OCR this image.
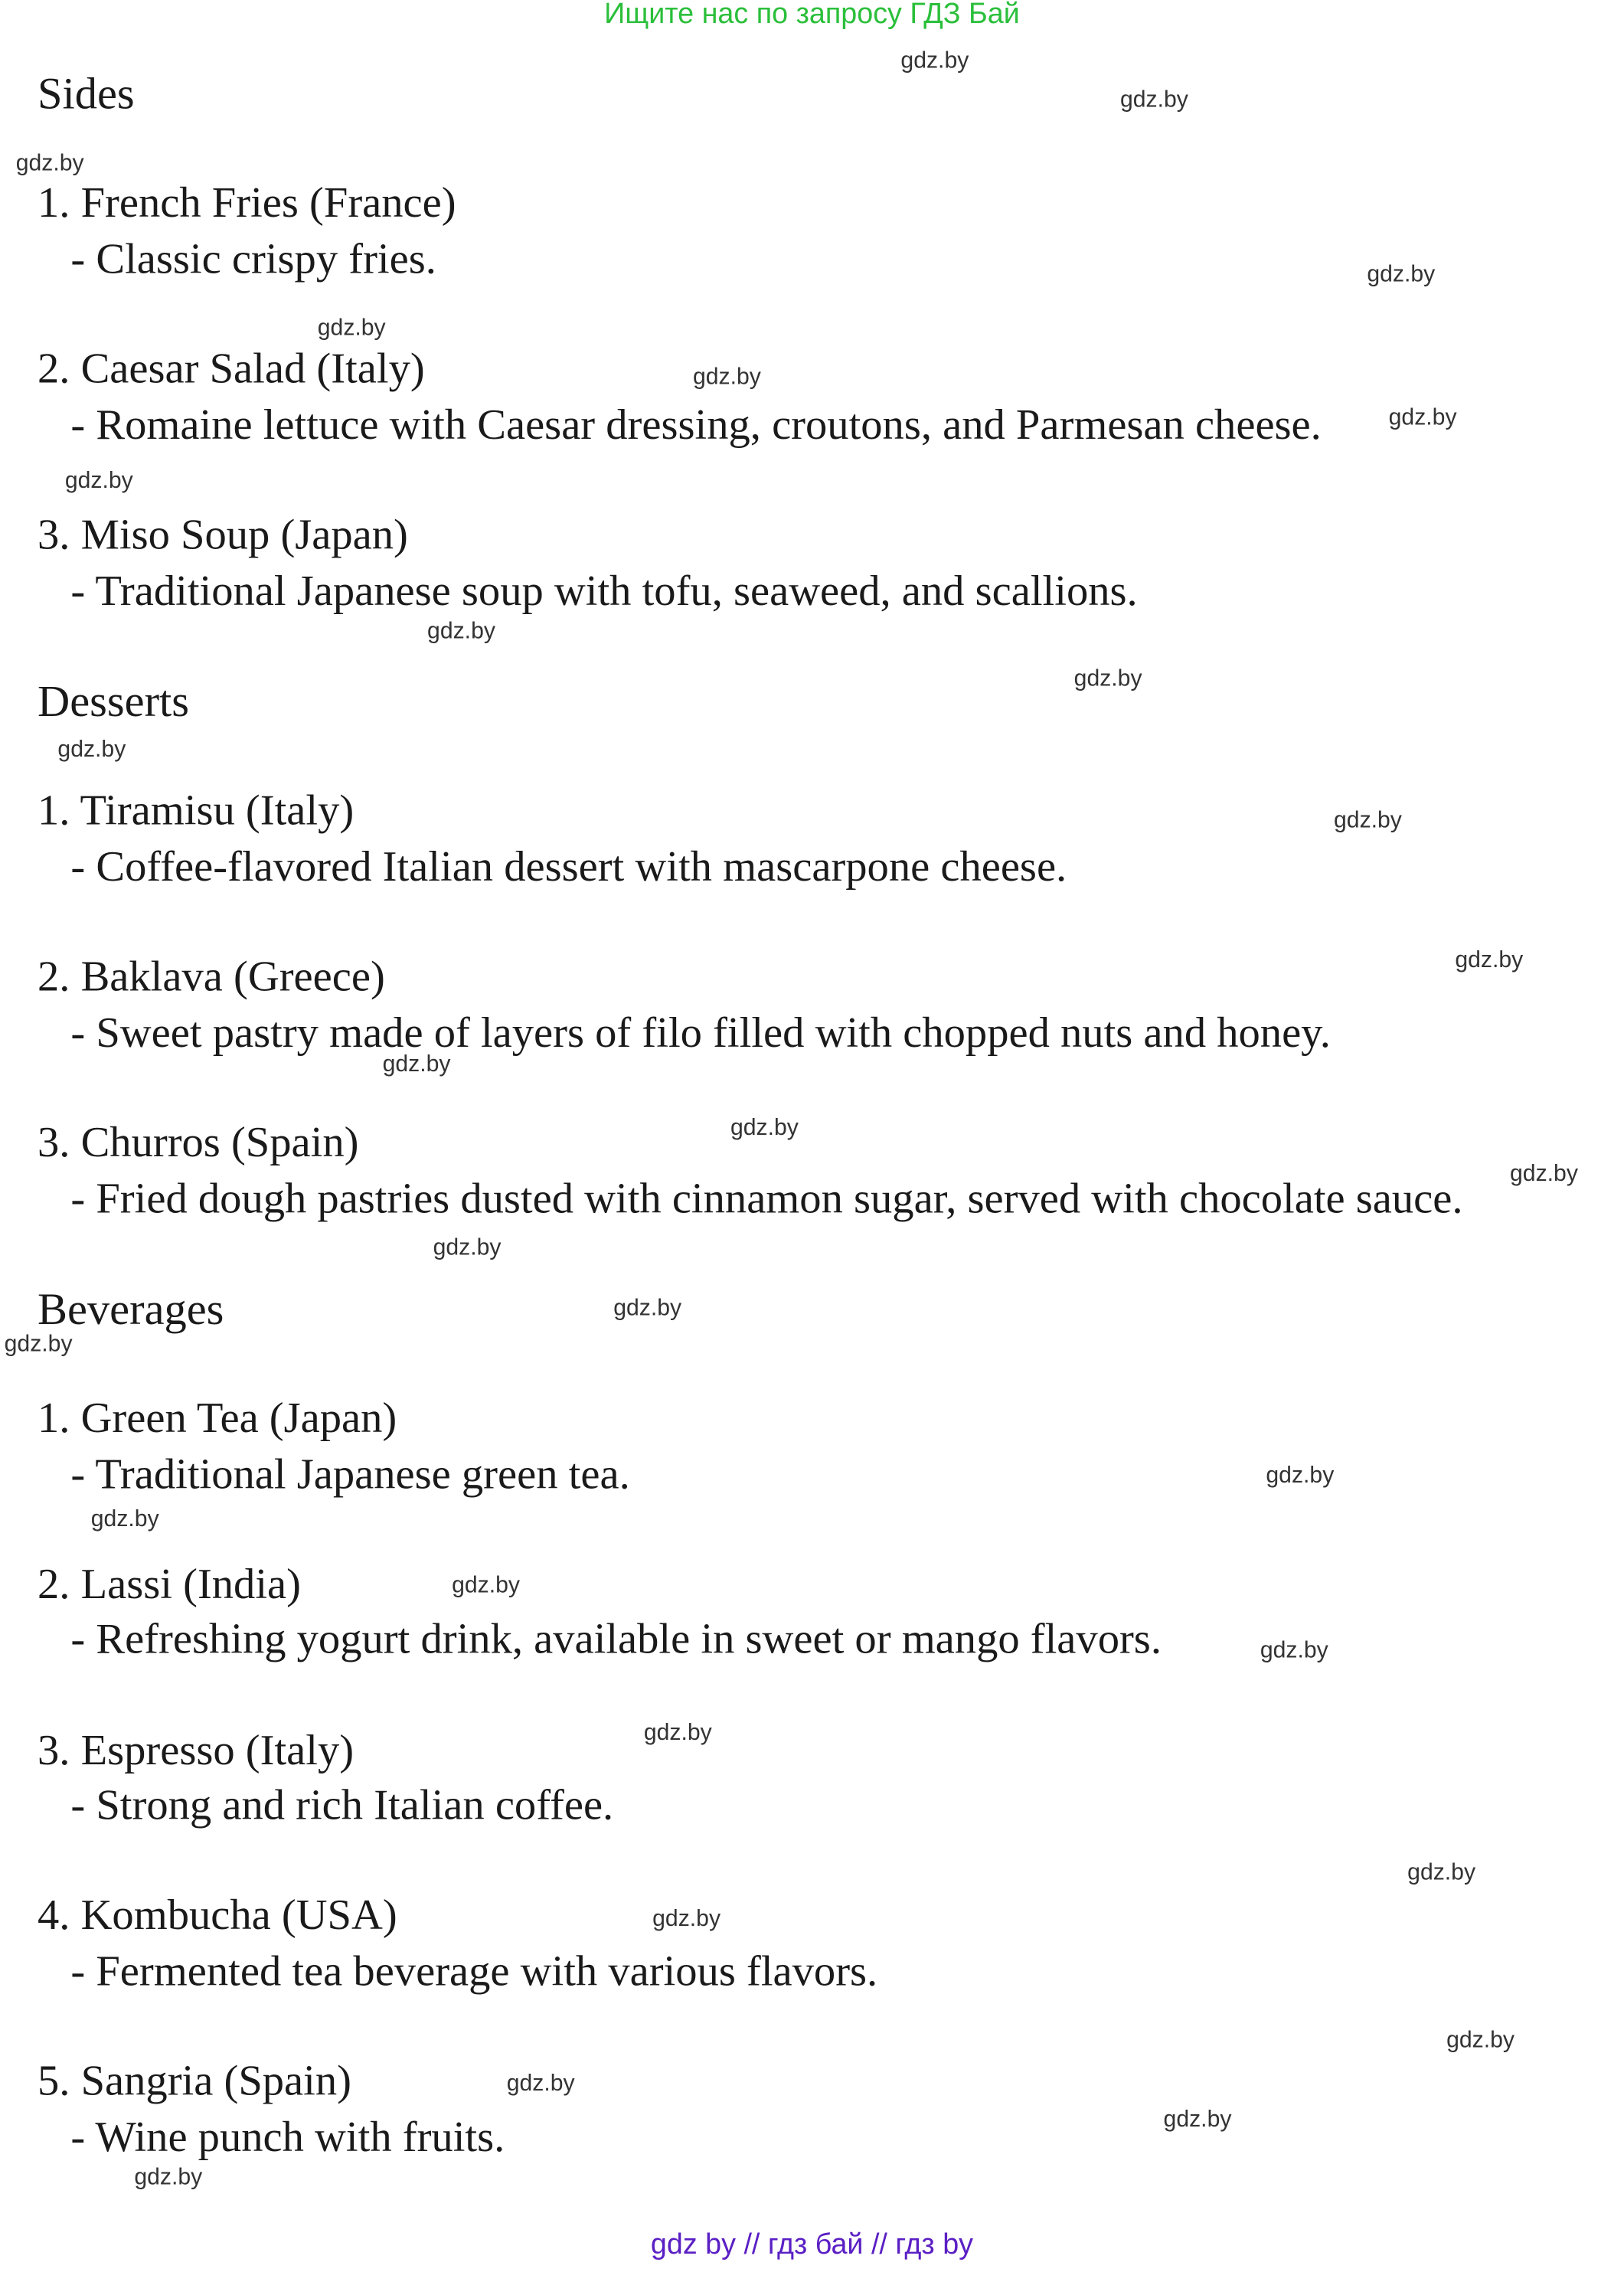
Ищите нас по запросу ГДЗ Бай
Sides
1. French Fries (France)
- Classic crispy fries.
2. Caesar Salad (Italy)
- Romaine lettuce with Caesar dressing, croutons, and Parmesan cheese.
3. Miso Soup (Japan)
- Traditional Japanese soup with tofu, seaweed, and scallions.
Desserts
1. Tiramisu (Italy)
- Coffee-flavored Italian dessert with mascarpone cheese.
2. Baklava (Greece)
- Sweet pastry made of layers of filo filled with chopped nuts and honey.
3. Churros (Spain)
- Fried dough pastries dusted with cinnamon sugar, served with chocolate sauce.
Beverages
1. Green Tea (Japan)
- Traditional Japanese green tea.
2. Lassi (India)
- Refreshing yogurt drink, available in sweet or mango flavors.
3. Espresso (Italy)
- Strong and rich Italian coffee.
4. Kombucha (USA)
- Fermented tea beverage with various flavors.
5. Sangria (Spain)
- Wine punch with fruits.
gdz.by
gdz.by
gdz.by
gdz.by
gdz.by
gdz.by
gdz.by
gdz.by
gdz.by
gdz.by
gdz.by
gdz.by
gdz.by
gdz.by
gdz.by
gdz.by
gdz.by
gdz.by
gdz.by
gdz.by
gdz.by
gdz.by
gdz.by
gdz.by
gdz.by
gdz.by
gdz.by
gdz.by
gdz.by
gdz.by
gdz by // гдз бай // гдз by
